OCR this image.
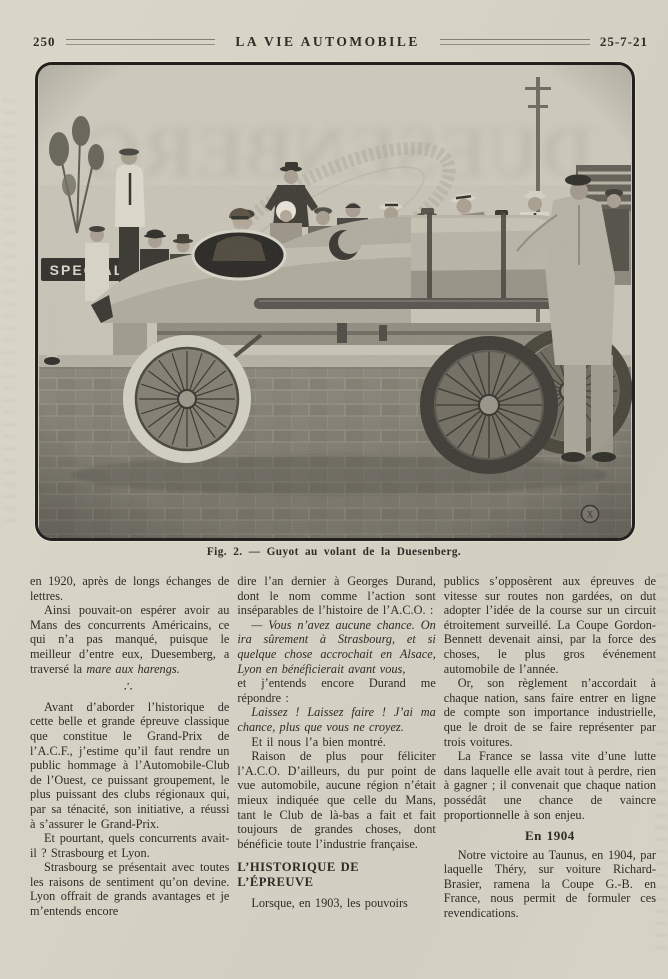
250	LA VIE AUTOMOBILE	25-7-21
Fig. 2. — Guyot au volant de la Duesenberg.

en 1920, après de longs échanges de lettres.

Ainsi pouvait-on espérer avoir au Mans des concurrents Américains, ce qui n’a pas manqué, puisque le meilleur d’entre eux, Duesemberg, a traversé la mare aux harengs.

∴

Avant d’aborder l’historique de cette belle et grande épreuve classique que constitue le Grand-Prix de l’A.C.F., j’estime qu’il faut rendre un public hommage à l’Automobile-Club de l’Ouest, ce puissant groupement, le plus puissant des clubs régionaux qui, par sa ténacité, son initiative, a réussi à s’assurer le Grand-Prix.

Et pourtant, quels concurrents avait-il ? Strasbourg et Lyon.

Strasbourg se présentait avec toutes les raisons de sentiment qu’on devine. Lyon offrait de grands avantages et je m’entends encore

dire l’an dernier à Georges Durand, dont le nom comme l’action sont inséparables de l’histoire de l’A.C.O. :

— Vous n’avez aucune chance. On ira sûrement à Strasbourg, et si quelque chose accrochait en Alsace, Lyon en bénéficierait avant vous,

et j’entends encore Durand me répondre :

Laissez ! Laissez faire ! J’ai ma chance, plus que vous ne croyez.

Et il nous l’a bien montré.

Raison de plus pour féliciter l’A.C.O. D’ailleurs, du pur point de vue automobile, aucune région n’était mieux indiquée que celle du Mans, tant le Club de là-bas a fait et fait toujours de grandes choses, dont bénéficie toute l’industrie française.

L’HISTORIQUE DE L’ÉPREUVE

Lorsque, en 1903, les pouvoirs

publics s’opposèrent aux épreuves de vitesse sur routes non gardées, on dut adopter l’idée de la course sur un circuit étroitement surveillé. La Coupe Gordon-Bennett devenait ainsi, par la force des choses, le plus gros événement automobile de l’année.

Or, son règlement n’accordait à chaque nation, sans faire entrer en ligne de compte son importance industrielle, que le droit de se faire représenter par trois voitures.

La France se lassa vite d’une lutte dans laquelle elle avait tout à perdre, rien à gagner ; il convenait que chaque nation possédât une chance de vaincre proportionnelle à son enjeu.

En 1904

Notre victoire au Taunus, en 1904, par laquelle Théry, sur voiture Richard-Brasier, ramena la Coupe G.-B. en France, nous permit de formuler ces revendications.
